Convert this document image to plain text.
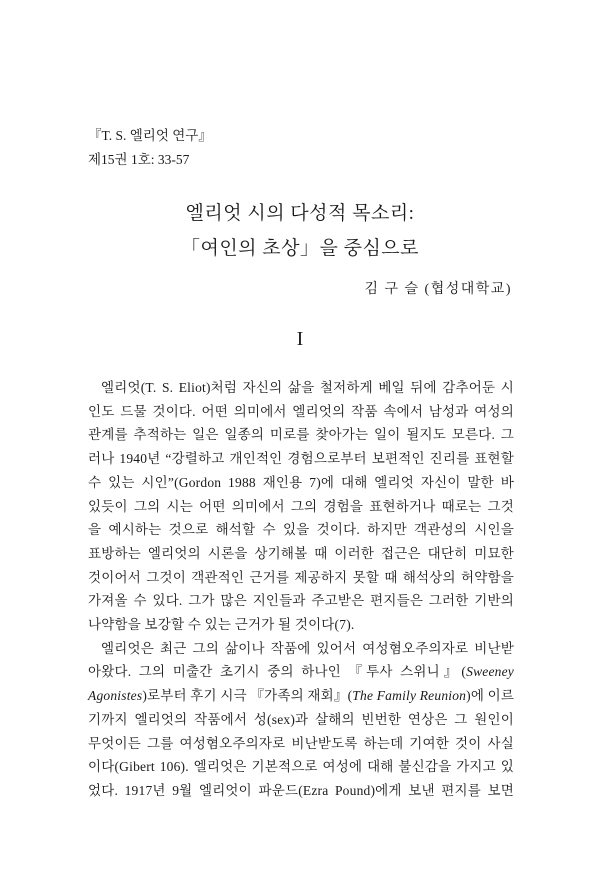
『T. S. 엘리엇 연구』
제15권 1호: 33-57
엘리엇 시의 다성적 목소리:
「여인의 초상」을 중심으로
김 구 슬 (협성대학교)
I
엘리엇(T. S. Eliot)처럼 자신의 삶을 철저하게 베일 뒤에 감추어둔 시
인도 드물 것이다. 어떤 의미에서 엘리엇의 작품 속에서 남성과 여성의
관계를 추적하는 일은 일종의 미로를 찾아가는 일이 될지도 모른다. 그
러나 1940년 “강렬하고 개인적인 경험으로부터 보편적인 진리를 표현할
수 있는 시인”(Gordon 1988 재인용 7)에 대해 엘리엇 자신이 말한 바
있듯이 그의 시는 어떤 의미에서 그의 경험을 표현하거나 때로는 그것
을 예시하는 것으로 해석할 수 있을 것이다. 하지만 객관성의 시인을
표방하는 엘리엇의 시론을 상기해볼 때 이러한 접근은 대단히 미묘한
것이어서 그것이 객관적인 근거를 제공하지 못할 때 해석상의 허약함을
가져올 수 있다. 그가 많은 지인들과 주고받은 편지들은 그러한 기반의
나약함을 보강할 수 있는 근거가 될 것이다(7).
엘리엇은 최근 그의 삶이나 작품에 있어서 여성혐오주의자로 비난받
아왔다. 그의 미출간 초기시 중의 하나인 『투사 스위니』(Sweeney
Agonistes)로부터 후기 시극 『가족의 재회』(The Family Reunion)에 이르
기까지 엘리엇의 작품에서 성(sex)과 살해의 빈번한 연상은 그 원인이
무엇이든 그를 여성혐오주의자로 비난받도록 하는데 기여한 것이 사실
이다(Gibert 106). 엘리엇은 기본적으로 여성에 대해 불신감을 가지고 있
었다. 1917년 9월 엘리엇이 파운드(Ezra Pound)에게 보낸 편지를 보면
